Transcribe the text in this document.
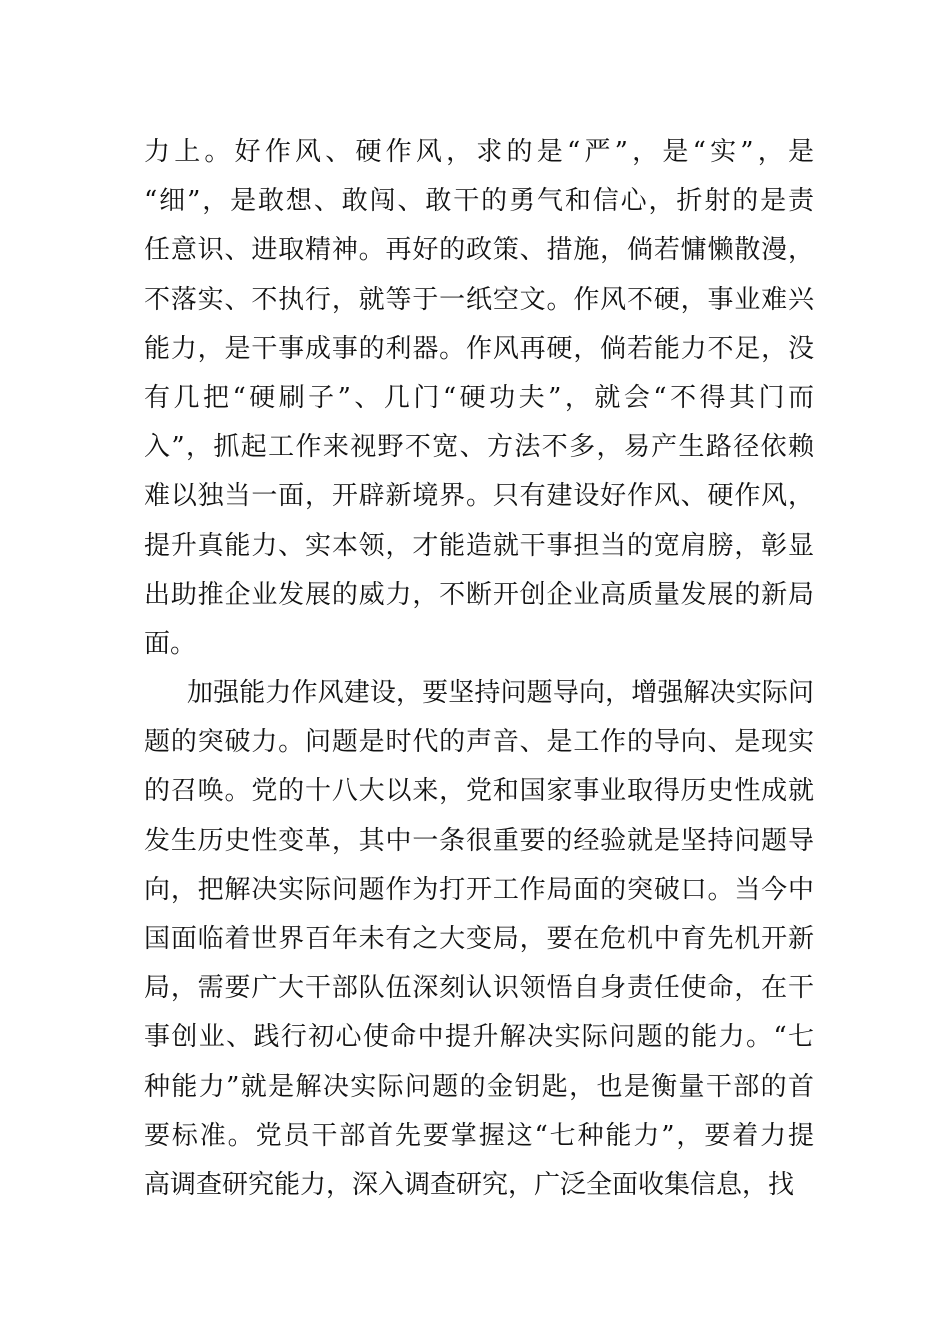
力上。好作风、硬作风，求的是“严”，是“实”，是
“细”，是敢想、敢闯、敢干的勇气和信心，折射的是责
任意识、进取精神。再好的政策、措施，倘若慵懒散漫，
不落实、不执行，就等于一纸空文。作风不硬，事业难兴
能力，是干事成事的利器。作风再硬，倘若能力不足，没
有几把“硬刷子”、几门“硬功夫”，就会“不得其门而
入”，抓起工作来视野不宽、方法不多，易产生路径依赖
难以独当一面，开辟新境界。只有建设好作风、硬作风，
提升真能力、实本领，才能造就干事担当的宽肩膀，彰显
出助推企业发展的威力，不断开创企业高质量发展的新局
面。
加强能力作风建设，要坚持问题导向，增强解决实际问
题的突破力。问题是时代的声音、是工作的导向、是现实
的召唤。党的十八大以来，党和国家事业取得历史性成就
发生历史性变革，其中一条很重要的经验就是坚持问题导
向，把解决实际问题作为打开工作局面的突破口。当今中
国面临着世界百年未有之大变局，要在危机中育先机开新
局，需要广大干部队伍深刻认识领悟自身责任使命，在干
事创业、践行初心使命中提升解决实际问题的能力。“七
种能力”就是解决实际问题的金钥匙，也是衡量干部的首
要标准。党员干部首先要掌握这“七种能力”，要着力提
高调查研究能力，深入调查研究，广泛全面收集信息，找
